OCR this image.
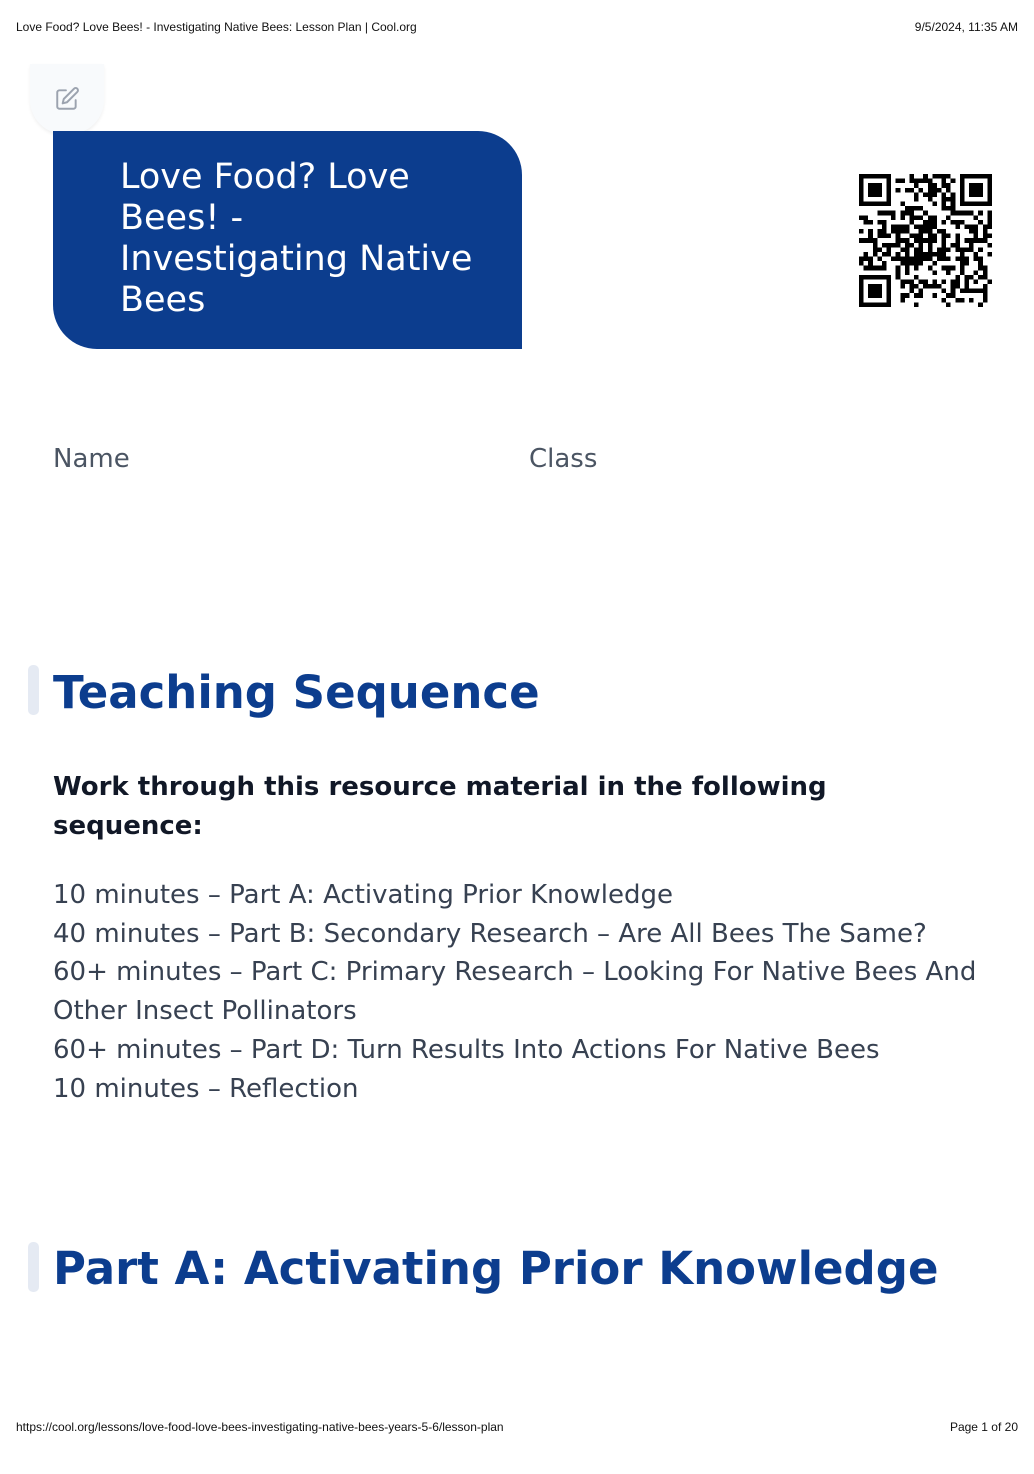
Love Food? Love Bees! - Investigating Native Bees: Lesson Plan | Cool.org	9/5/2024, 11:35 AM
Love Food? Love Bees! - Investigating Native Bees
Name	Class
Teaching Sequence

Work through this resource material in the following sequence:

10 minutes – Part A: Activating Prior Knowledge
40 minutes – Part B: Secondary Research – Are All Bees The Same?
60+ minutes – Part C: Primary Research – Looking For Native Bees And Other Insect Pollinators
60+ minutes – Part D: Turn Results Into Actions For Native Bees
10 minutes – Reflection
Part A: Activating Prior Knowledge
https://cool.org/lessons/love-food-love-bees-investigating-native-bees-years-5-6/lesson-plan	Page 1 of 20
